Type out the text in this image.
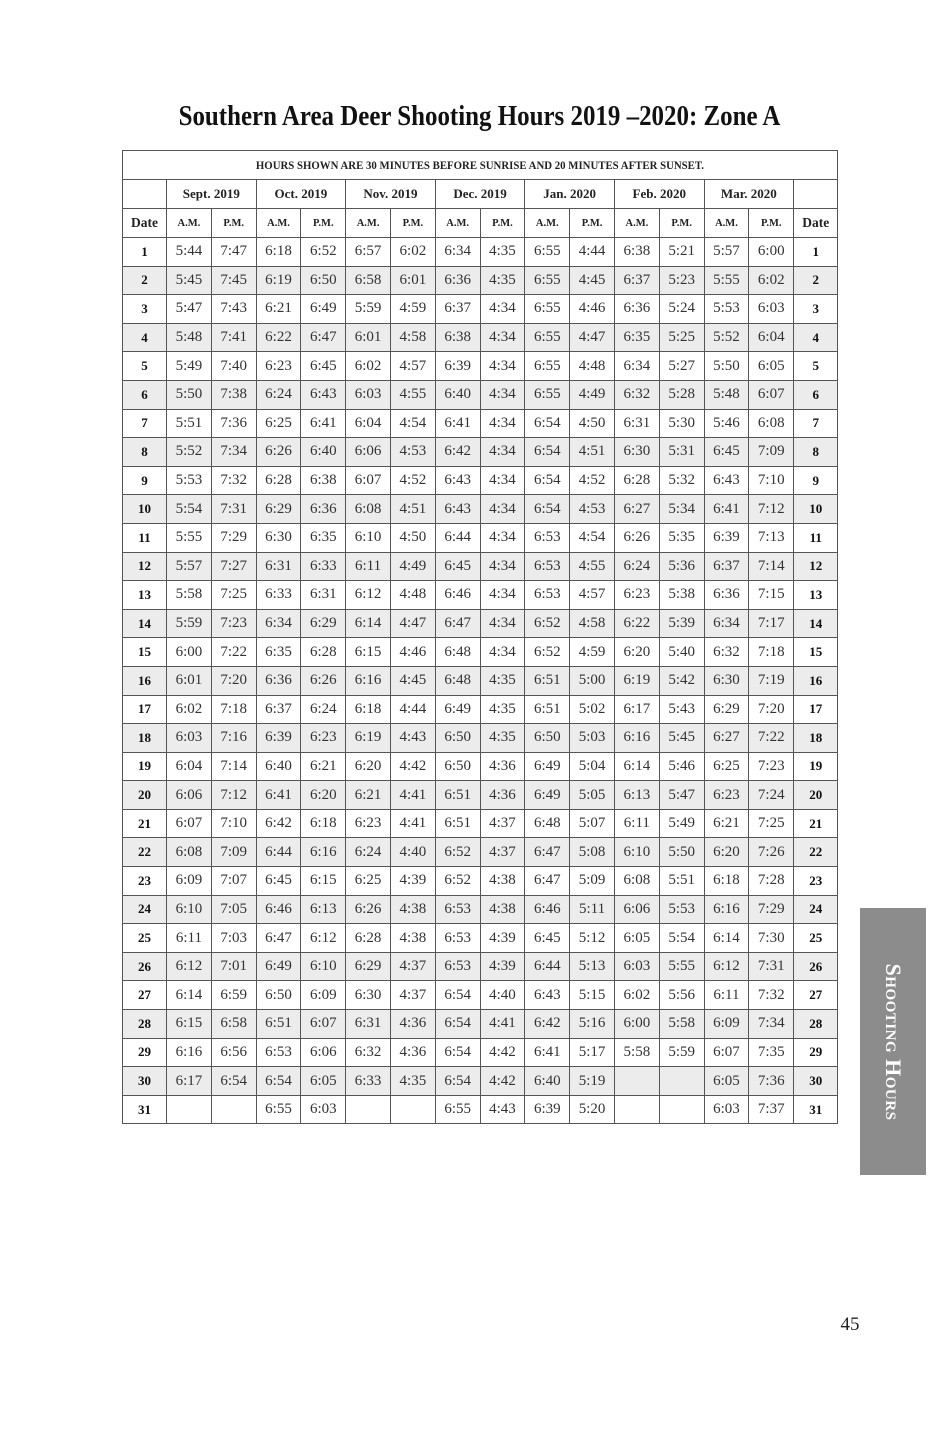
Southern Area Deer Shooting Hours 2019 –2020: Zone A
HOURS SHOWN ARE 30 MINUTES BEFORE SUNRISE AND 20 MINUTES AFTER SUNSET.															
	Sept. 2019		Oct. 2019		Nov. 2019		Dec. 2019		Jan. 2020		Feb. 2020		Mar. 2020		
Date	A.M.	P.M.	A.M.	P.M.	A.M.	P.M.	A.M.	P.M.	A.M.	P.M.	A.M.	P.M.	A.M.	P.M.	Date
1	5:44	7:47	6:18	6:52	6:57	6:02	6:34	4:35	6:55	4:44	6:38	5:21	5:57	6:00	1
2	5:45	7:45	6:19	6:50	6:58	6:01	6:36	4:35	6:55	4:45	6:37	5:23	5:55	6:02	2
3	5:47	7:43	6:21	6:49	5:59	4:59	6:37	4:34	6:55	4:46	6:36	5:24	5:53	6:03	3
4	5:48	7:41	6:22	6:47	6:01	4:58	6:38	4:34	6:55	4:47	6:35	5:25	5:52	6:04	4
5	5:49	7:40	6:23	6:45	6:02	4:57	6:39	4:34	6:55	4:48	6:34	5:27	5:50	6:05	5
6	5:50	7:38	6:24	6:43	6:03	4:55	6:40	4:34	6:55	4:49	6:32	5:28	5:48	6:07	6
7	5:51	7:36	6:25	6:41	6:04	4:54	6:41	4:34	6:54	4:50	6:31	5:30	5:46	6:08	7
8	5:52	7:34	6:26	6:40	6:06	4:53	6:42	4:34	6:54	4:51	6:30	5:31	6:45	7:09	8
9	5:53	7:32	6:28	6:38	6:07	4:52	6:43	4:34	6:54	4:52	6:28	5:32	6:43	7:10	9
10	5:54	7:31	6:29	6:36	6:08	4:51	6:43	4:34	6:54	4:53	6:27	5:34	6:41	7:12	10
11	5:55	7:29	6:30	6:35	6:10	4:50	6:44	4:34	6:53	4:54	6:26	5:35	6:39	7:13	11
12	5:57	7:27	6:31	6:33	6:11	4:49	6:45	4:34	6:53	4:55	6:24	5:36	6:37	7:14	12
13	5:58	7:25	6:33	6:31	6:12	4:48	6:46	4:34	6:53	4:57	6:23	5:38	6:36	7:15	13
14	5:59	7:23	6:34	6:29	6:14	4:47	6:47	4:34	6:52	4:58	6:22	5:39	6:34	7:17	14
15	6:00	7:22	6:35	6:28	6:15	4:46	6:48	4:34	6:52	4:59	6:20	5:40	6:32	7:18	15
16	6:01	7:20	6:36	6:26	6:16	4:45	6:48	4:35	6:51	5:00	6:19	5:42	6:30	7:19	16
17	6:02	7:18	6:37	6:24	6:18	4:44	6:49	4:35	6:51	5:02	6:17	5:43	6:29	7:20	17
18	6:03	7:16	6:39	6:23	6:19	4:43	6:50	4:35	6:50	5:03	6:16	5:45	6:27	7:22	18
19	6:04	7:14	6:40	6:21	6:20	4:42	6:50	4:36	6:49	5:04	6:14	5:46	6:25	7:23	19
20	6:06	7:12	6:41	6:20	6:21	4:41	6:51	4:36	6:49	5:05	6:13	5:47	6:23	7:24	20
21	6:07	7:10	6:42	6:18	6:23	4:41	6:51	4:37	6:48	5:07	6:11	5:49	6:21	7:25	21
22	6:08	7:09	6:44	6:16	6:24	4:40	6:52	4:37	6:47	5:08	6:10	5:50	6:20	7:26	22
23	6:09	7:07	6:45	6:15	6:25	4:39	6:52	4:38	6:47	5:09	6:08	5:51	6:18	7:28	23
24	6:10	7:05	6:46	6:13	6:26	4:38	6:53	4:38	6:46	5:11	6:06	5:53	6:16	7:29	24
25	6:11	7:03	6:47	6:12	6:28	4:38	6:53	4:39	6:45	5:12	6:05	5:54	6:14	7:30	25
26	6:12	7:01	6:49	6:10	6:29	4:37	6:53	4:39	6:44	5:13	6:03	5:55	6:12	7:31	26
27	6:14	6:59	6:50	6:09	6:30	4:37	6:54	4:40	6:43	5:15	6:02	5:56	6:11	7:32	27
28	6:15	6:58	6:51	6:07	6:31	4:36	6:54	4:41	6:42	5:16	6:00	5:58	6:09	7:34	28
29	6:16	6:56	6:53	6:06	6:32	4:36	6:54	4:42	6:41	5:17	5:58	5:59	6:07	7:35	29
30	6:17	6:54	6:54	6:05	6:33	4:35	6:54	4:42	6:40	5:19			6:05	7:36	30
31			6:55	6:03			6:55	4:43	6:39	5:20			6:03	7:37	31	Shooting Hours
45
